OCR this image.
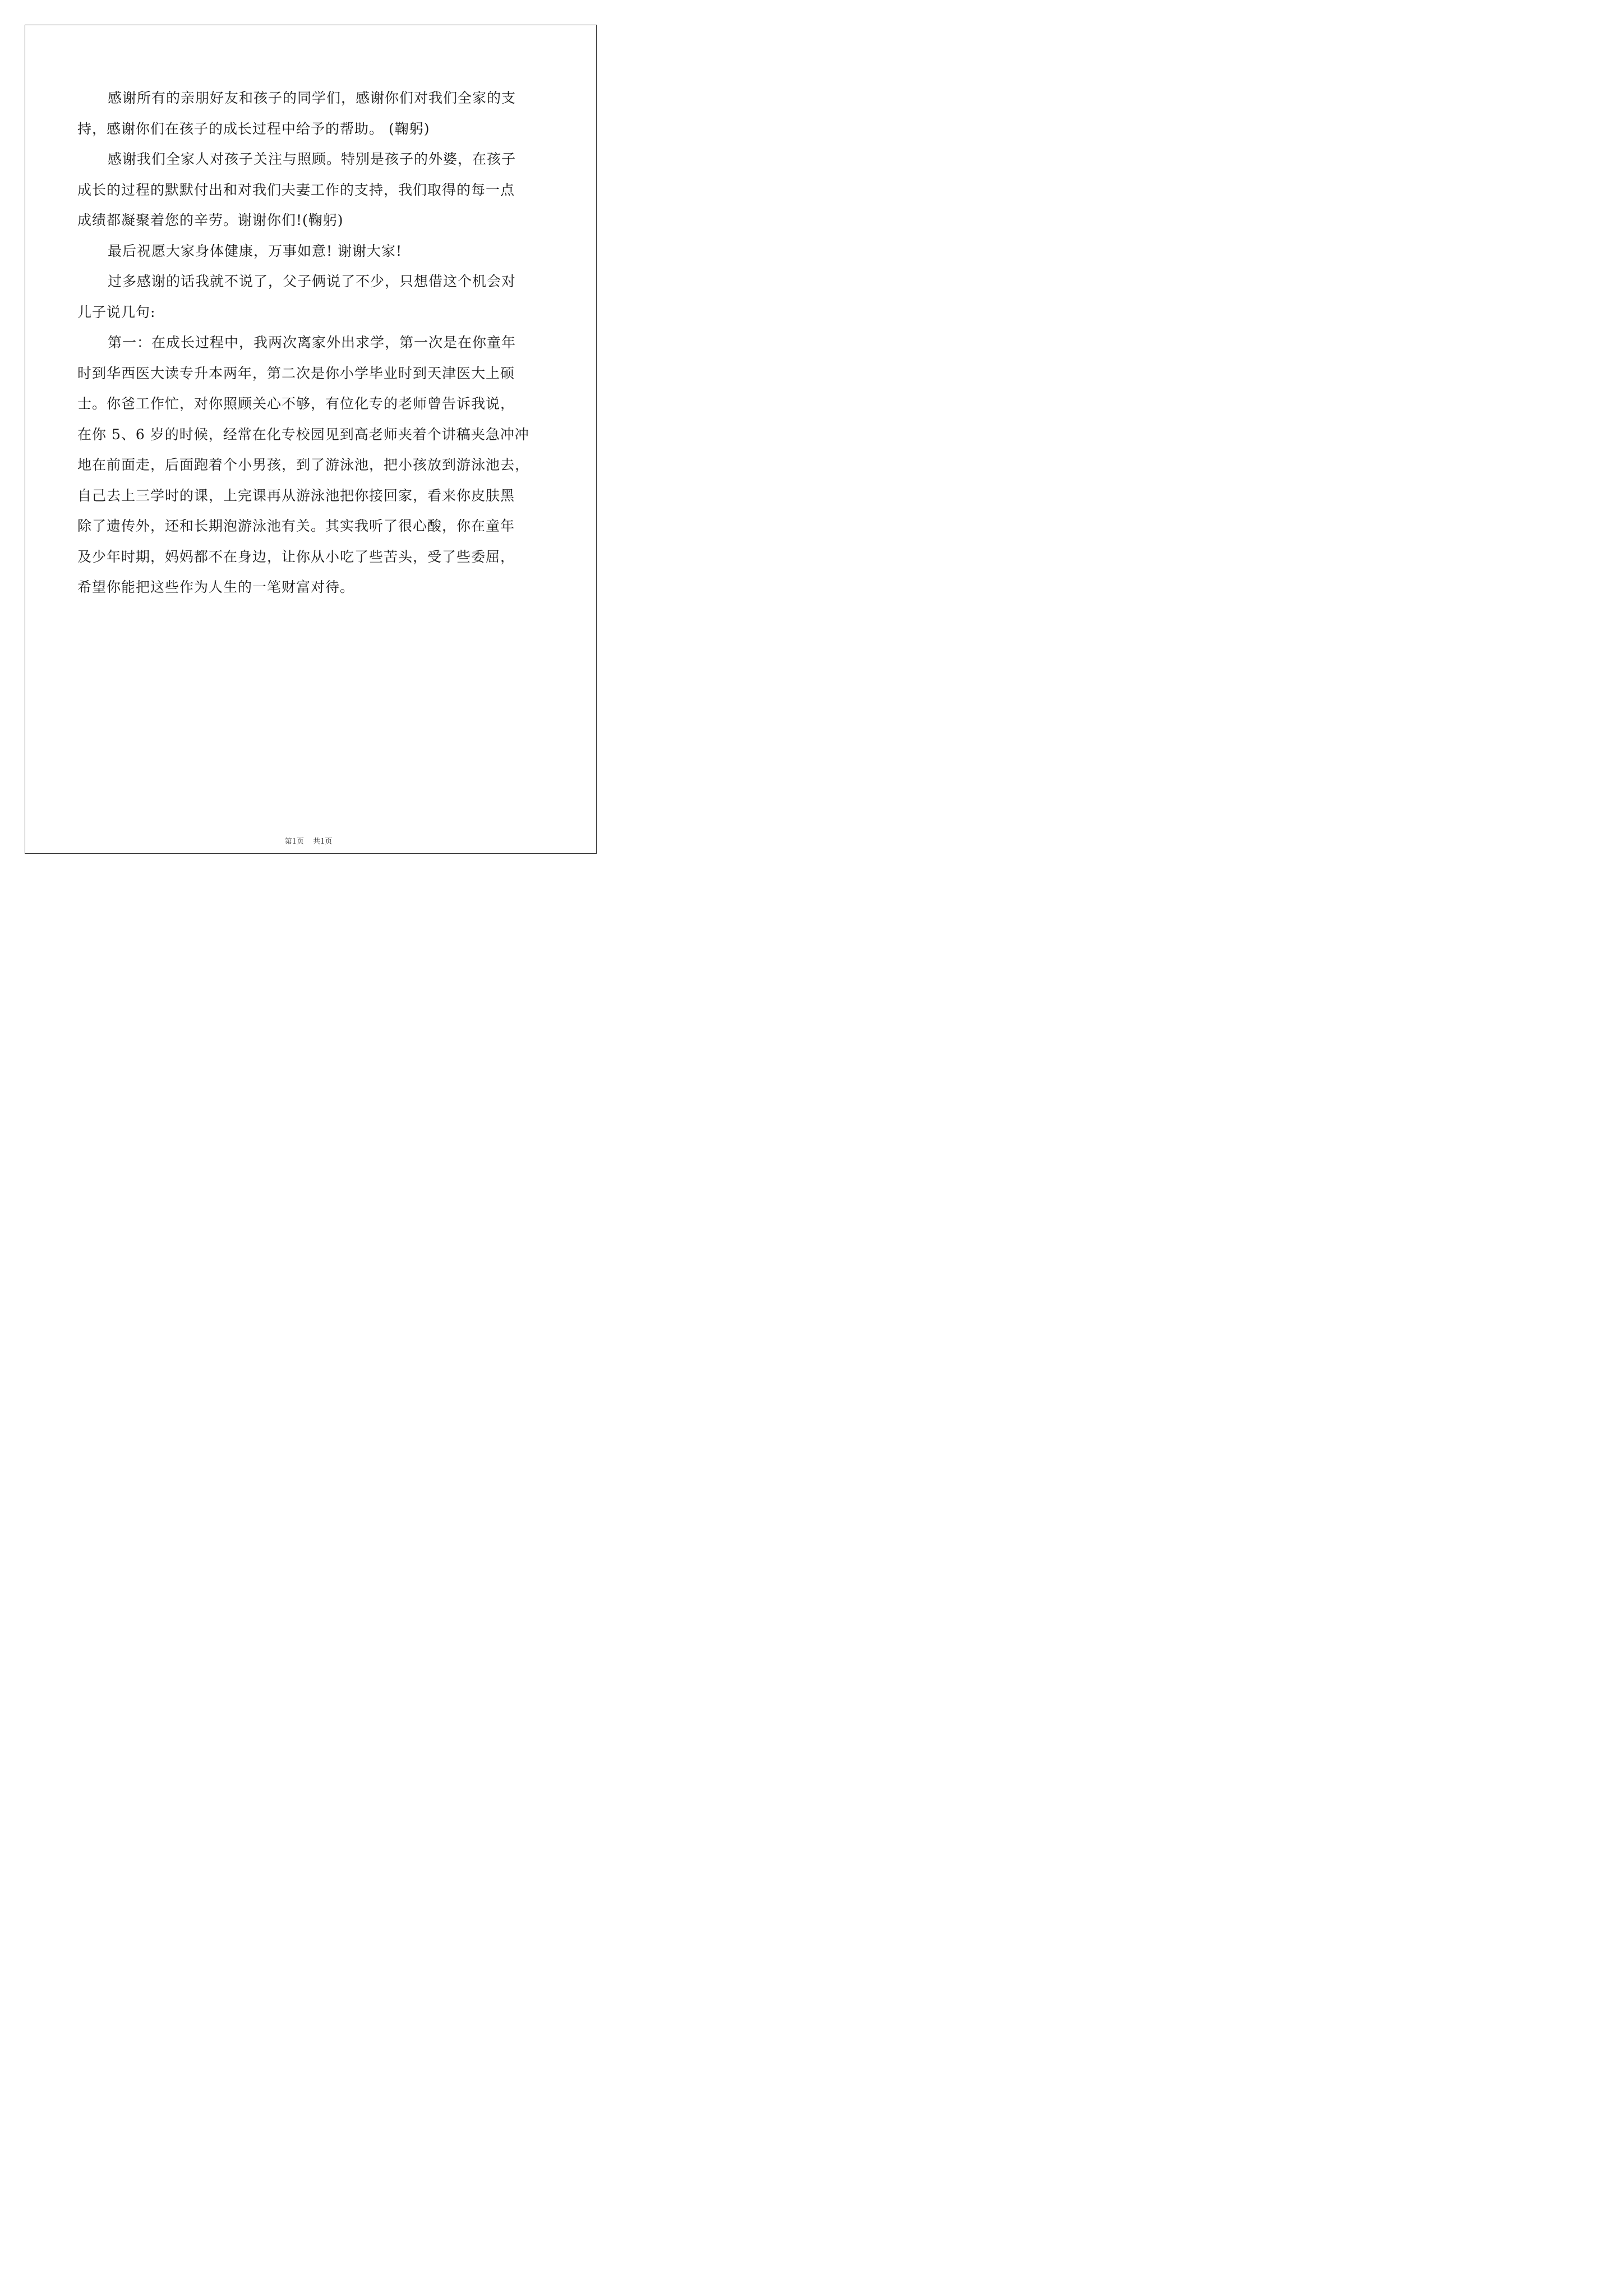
感谢所有的亲朋好友和孩子的同学们，感谢你们对我们全家的支
持，感谢你们在孩子的成长过程中给予的帮助。 (鞠躬)
感谢我们全家人对孩子关注与照顾。特别是孩子的外婆，在孩子
成长的过程的默默付出和对我们夫妻工作的支持，我们取得的每一点
成绩都凝聚着您的辛劳。谢谢你们!(鞠躬)
最后祝愿大家身体健康，万事如意! 谢谢大家!
过多感谢的话我就不说了，父子俩说了不少，只想借这个机会对
儿子说几句:
第一：在成长过程中，我两次离家外出求学，第一次是在你童年
时到华西医大读专升本两年，第二次是你小学毕业时到天津医大上硕
士。你爸工作忙，对你照顾关心不够，有位化专的老师曾告诉我说，
在你 5、6 岁的时候，经常在化专校园见到高老师夹着个讲稿夹急冲冲
地在前面走，后面跑着个小男孩，到了游泳池，把小孩放到游泳池去，
自己去上三学时的课，上完课再从游泳池把你接回家，看来你皮肤黑
除了遗传外，还和长期泡游泳池有关。其实我听了很心酸，你在童年
及少年时期，妈妈都不在身边，让你从小吃了些苦头，受了些委屈，
希望你能把这些作为人生的一笔财富对待。
第1页 共1页
